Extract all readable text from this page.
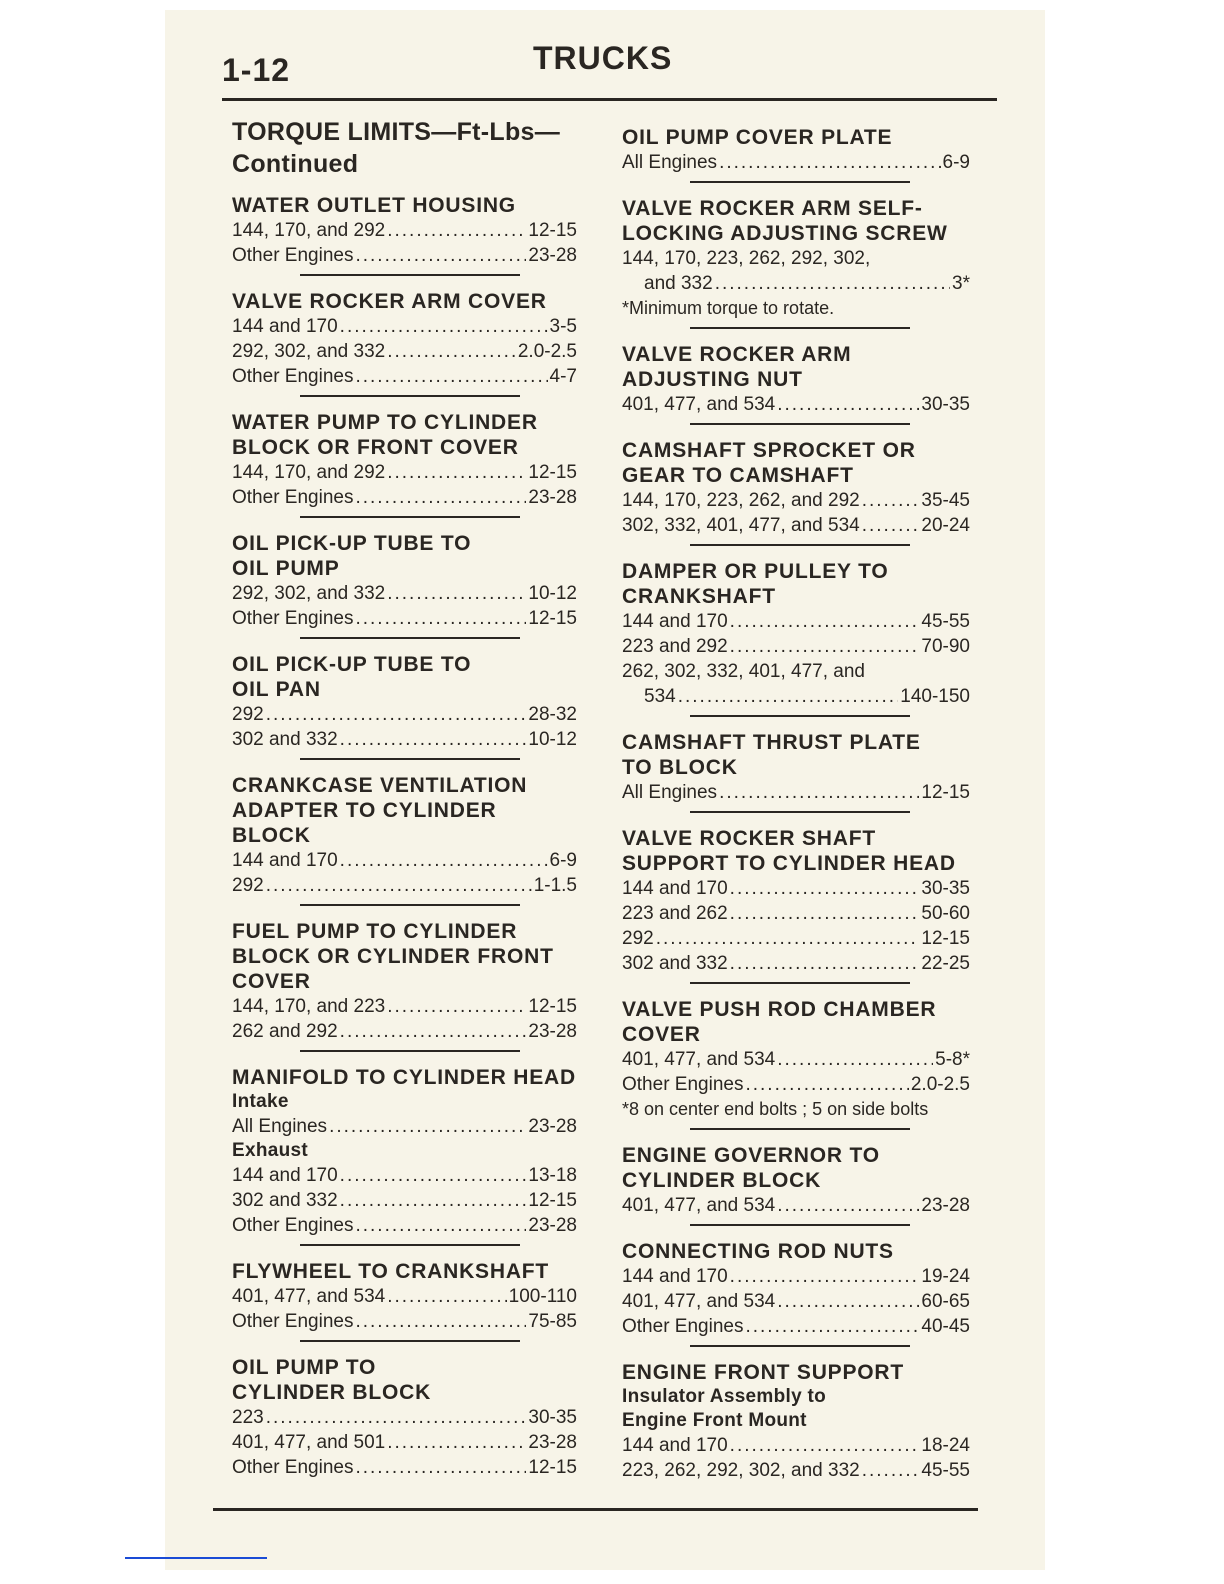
1-12	TRUCKS
TORQUE LIMITS—Ft-Lbs—
Continued
WATER OUTLET HOUSING
144, 170, and 292 .....	12-15
Other Engines .....	23-28
VALVE ROCKER ARM COVER
144 and 170 .....	3-5
292, 302, and 332 .....	2.0-2.5
Other Engines .....	4-7
WATER PUMP TO CYLINDER
BLOCK OR FRONT COVER
144, 170, and 292 .....	12-15
Other Engines .....	23-28
OIL PICK-UP TUBE TO
OIL PUMP
292, 302, and 332 .....	10-12
Other Engines .....	12-15
OIL PICK-UP TUBE TO
OIL PAN
292 .....	28-32
302 and 332 .....	10-12
CRANKCASE VENTILATION
ADAPTER TO CYLINDER BLOCK
144 and 170 .....	6-9
292 .....	1-1.5
FUEL PUMP TO CYLINDER
BLOCK OR CYLINDER FRONT
COVER
144, 170, and 223 .....	12-15
262 and 292 .....	23-28
MANIFOLD TO CYLINDER HEAD
Intake
All Engines .....	23-28
Exhaust
144 and 170 .....	13-18
302 and 332 .....	12-15
Other Engines .....	23-28
FLYWHEEL TO CRANKSHAFT
401, 477, and 534 .....	100-110
Other Engines .....	75-85
OIL PUMP TO
CYLINDER BLOCK
223 .....	30-35
401, 477, and 501 .....	23-28
Other Engines .....	12-15
OIL PUMP COVER PLATE
All Engines .....	6-9
VALVE ROCKER ARM SELF-
LOCKING ADJUSTING SCREW
144, 170, 223, 262, 292, 302,
and 332 .....	3*
*Minimum torque to rotate.
VALVE ROCKER ARM
ADJUSTING NUT
401, 477, and 534 .....	30-35
CAMSHAFT SPROCKET OR
GEAR TO CAMSHAFT
144, 170, 223, 262, and 292 .....	35-45
302, 332, 401, 477, and 534 .....	20-24
DAMPER OR PULLEY TO
CRANKSHAFT
144 and 170 .....	45-55
223 and 292 .....	70-90
262, 302, 332, 401, 477, and
534 .....	140-150
CAMSHAFT THRUST PLATE
TO BLOCK
All Engines .....	12-15
VALVE ROCKER SHAFT
SUPPORT TO CYLINDER HEAD
144 and 170 .....	30-35
223 and 262 .....	50-60
292 .....	12-15
302 and 332 .....	22-25
VALVE PUSH ROD CHAMBER
COVER
401, 477, and 534 .....	5-8*
Other Engines .....	2.0-2.5
*8 on center end bolts ; 5 on side bolts
ENGINE GOVERNOR TO
CYLINDER BLOCK
401, 477, and 534 .....	23-28
CONNECTING ROD NUTS
144 and 170 .....	19-24
401, 477, and 534 .....	60-65
Other Engines .....	40-45
ENGINE FRONT SUPPORT
Insulator Assembly to
Engine Front Mount
144 and 170 .....	18-24
223, 262, 292, 302, and 332 .....	45-55
